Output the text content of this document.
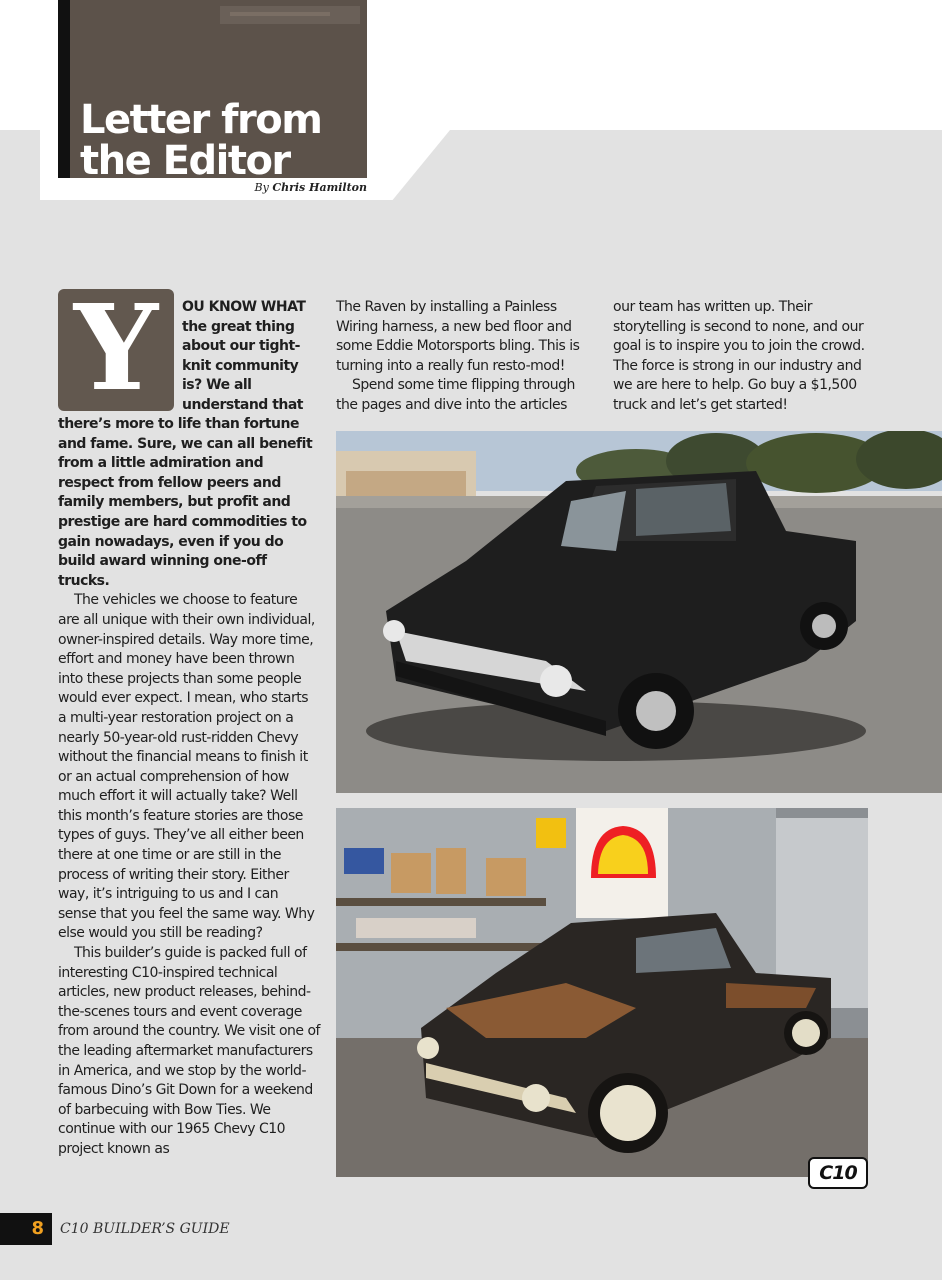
Letter from the Editor
By Chris Hamilton
Y	OU KNOW WHAT the great thing about our tight-knit community is? We all understand that

there’s more to life than fortune and fame. Sure, we can all benefit from a little admiration and respect from fellow peers and family members, but profit and prestige are hard commodities to gain nowadays, even if you do build award winning one-off trucks.

The vehicles we choose to feature are all unique with their own individual, owner-inspired details. Way more time, effort and money have been thrown into these projects than some people would ever expect. I mean, who starts a multi-year restoration project on a nearly 50-year-old rust-ridden Chevy without the financial means to finish it or an actual comprehension of how much effort it will actually take? Well this month’s feature stories are those types of guys. They’ve all either been there at one time or are still in the process of writing their story. Either way, it’s intriguing to us and I can sense that you feel the same way. Why else would you still be reading?

This builder’s guide is packed full of interesting C10-inspired technical articles, new product releases, behind-the-scenes tours and event coverage from around the country. We visit one of the leading aftermarket manufacturers in America, and we stop by the world-famous Dino’s Git Down for a weekend of barbecuing with Bow Ties. We continue with our 1965 Chevy C10 project known as

The Raven by installing a Painless Wiring harness, a new bed floor and some Eddie Motorsports bling. This is turning into a really fun resto-mod!

Spend some time flipping through the pages and dive into the articles

our team has written up. Their storytelling is second to none, and our goal is to inspire you to join the crowd. The force is strong in our industry and we are here to help. Go buy a $1,500 truck and let’s get started!

C10
8	C10 BUILDER’S GUIDE
